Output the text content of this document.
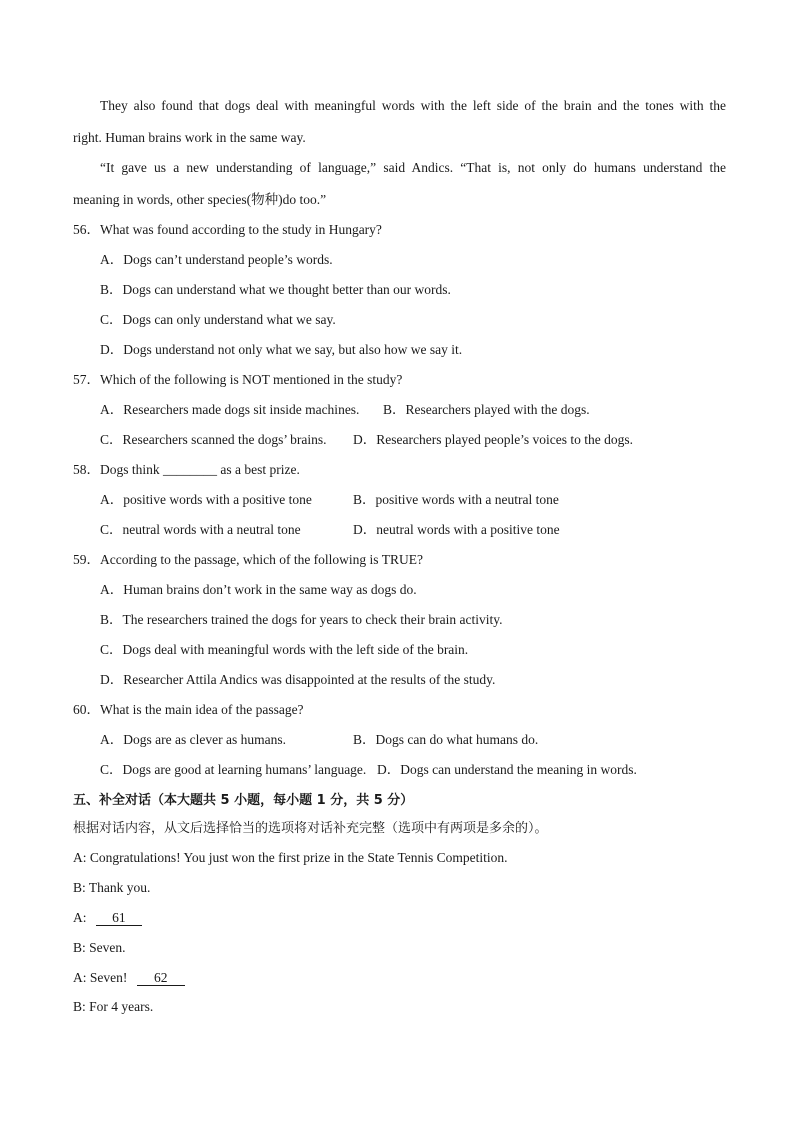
They also found that dogs deal with meaningful words with the left side of the brain and the tones with the
right. Human brains work in the same way.
“It gave us a new understanding of language,” said Andics. “That is, not only do humans understand the
meaning in words, other species(物种)do too.”
56．What was found according to the study in Hungary?
A．Dogs can’t understand people’s words.
B．Dogs can understand what we thought better than our words.
C．Dogs can only understand what we say.
D．Dogs understand not only what we say, but also how we say it.
57．Which of the following is NOT mentioned in the study?
A．Researchers made dogs sit inside machines. B．Researchers played with the dogs.
C．Researchers scanned the dogs’ brains. D．Researchers played people’s voices to the dogs.
58．Dogs think ________ as a best prize.
A．positive words with a positive tone	B．positive words with a neutral tone
C．neutral words with a neutral tone	D．neutral words with a positive tone
59．According to the passage, which of the following is TRUE?
A．Human brains don’t work in the same way as dogs do.
B．The researchers trained the dogs for years to check their brain activity.
C．Dogs deal with meaningful words with the left side of the brain.
D．Researcher Attila Andics was disappointed at the results of the study.
60．What is the main idea of the passage?
A．Dogs are as clever as humans.	B．Dogs can do what humans do.
C．Dogs are good at learning humans’ language. D．Dogs can understand the meaning in words.
五、补全对话（本大题共 5 小题，每小题 1 分，共 5 分）
根据对话内容，从文后选择恰当的选项将对话补充完整（选项中有两项是多余的）。
A: Congratulations! You just won the first prize in the State Tennis Competition.
B: Thank you.
A: 61
B: Seven.
A: Seven! 62
B: For 4 years.
